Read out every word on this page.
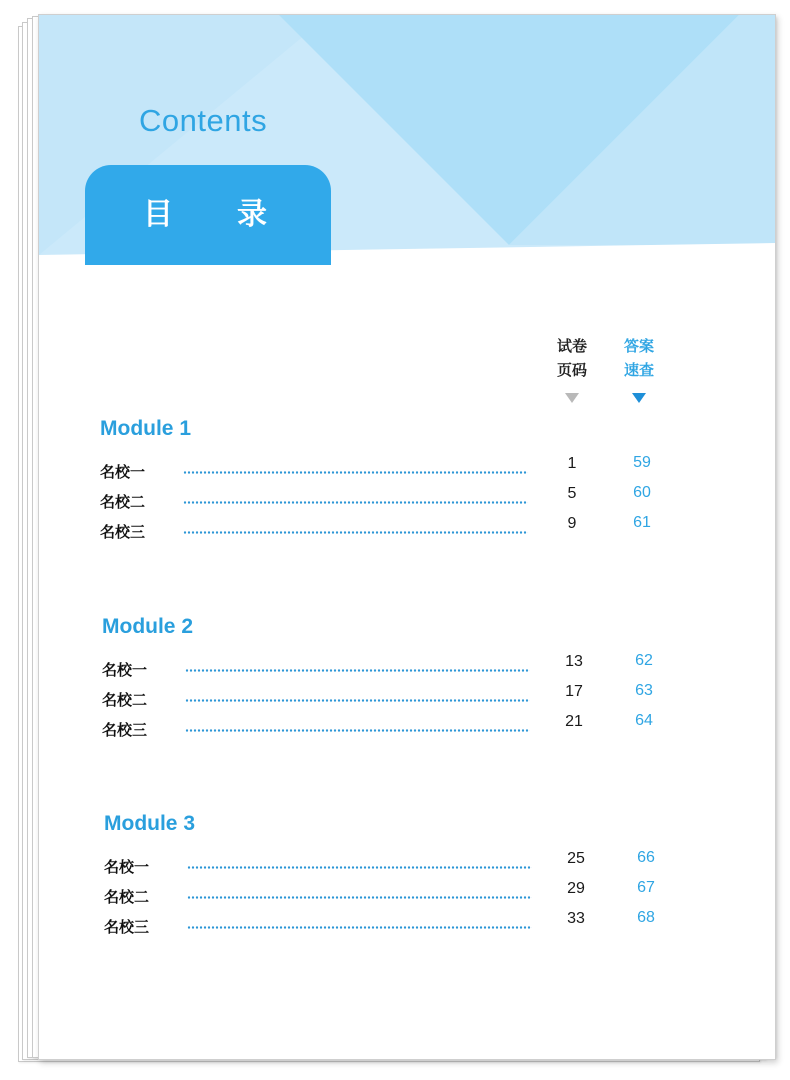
Contents
目 录
试卷
页码
答案
速查
Module 1
名校一	1	59
名校二	5	60
名校三	9	61
Module 2
名校一	13	62
名校二	17	63
名校三	21	64
Module 3
名校一	25	66
名校二	29	67
名校三	33	68
